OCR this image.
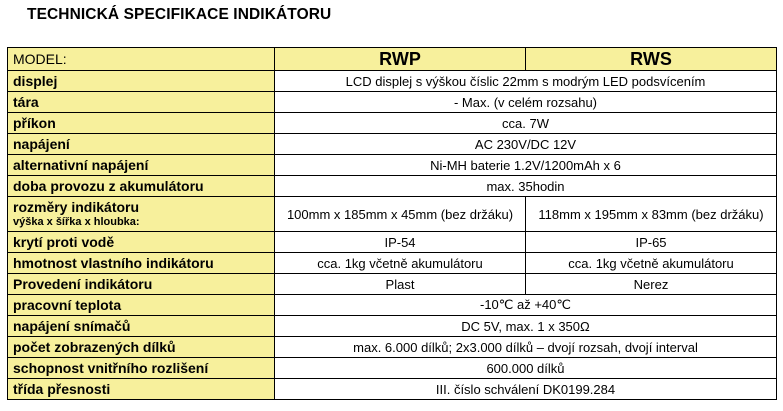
TECHNICKÁ SPECIFIKACE INDIKÁTORU
MODEL:	RWP	RWS
displej	LCD displej s výškou číslic 22mm s modrým LED podsvícením	
tára	- Max. (v celém rozsahu)	
příkon	cca. 7W	
napájení	AC 230V/DC 12V	
alternativní napájení	Ni-MH baterie 1.2V/1200mAh x 6	
doba provozu z akumulátoru	max. 35hodin	

rozměry indikátoru
výška x šířka x hloubka:	100mm x 185mm x 45mm (bez držáku)	118mm x 195mm x 83mm (bez držáku)
krytí proti vodě	IP-54	IP-65
hmotnost vlastního indikátoru	cca. 1kg včetně akumulátoru	cca. 1kg včetně akumulátoru
Provedení indikátoru	Plast	Nerez
pracovní teplota	-10℃ až +40℃	
napájení snímačů	DC 5V, max. 1 x 350Ω	
počet zobrazených dílků	max. 6.000 dílků; 2x3.000 dílků – dvojí rozsah, dvojí interval	
schopnost vnitřního rozlišení	600.000 dílků	
třída přesnosti	III. číslo schválení DK0199.284	
